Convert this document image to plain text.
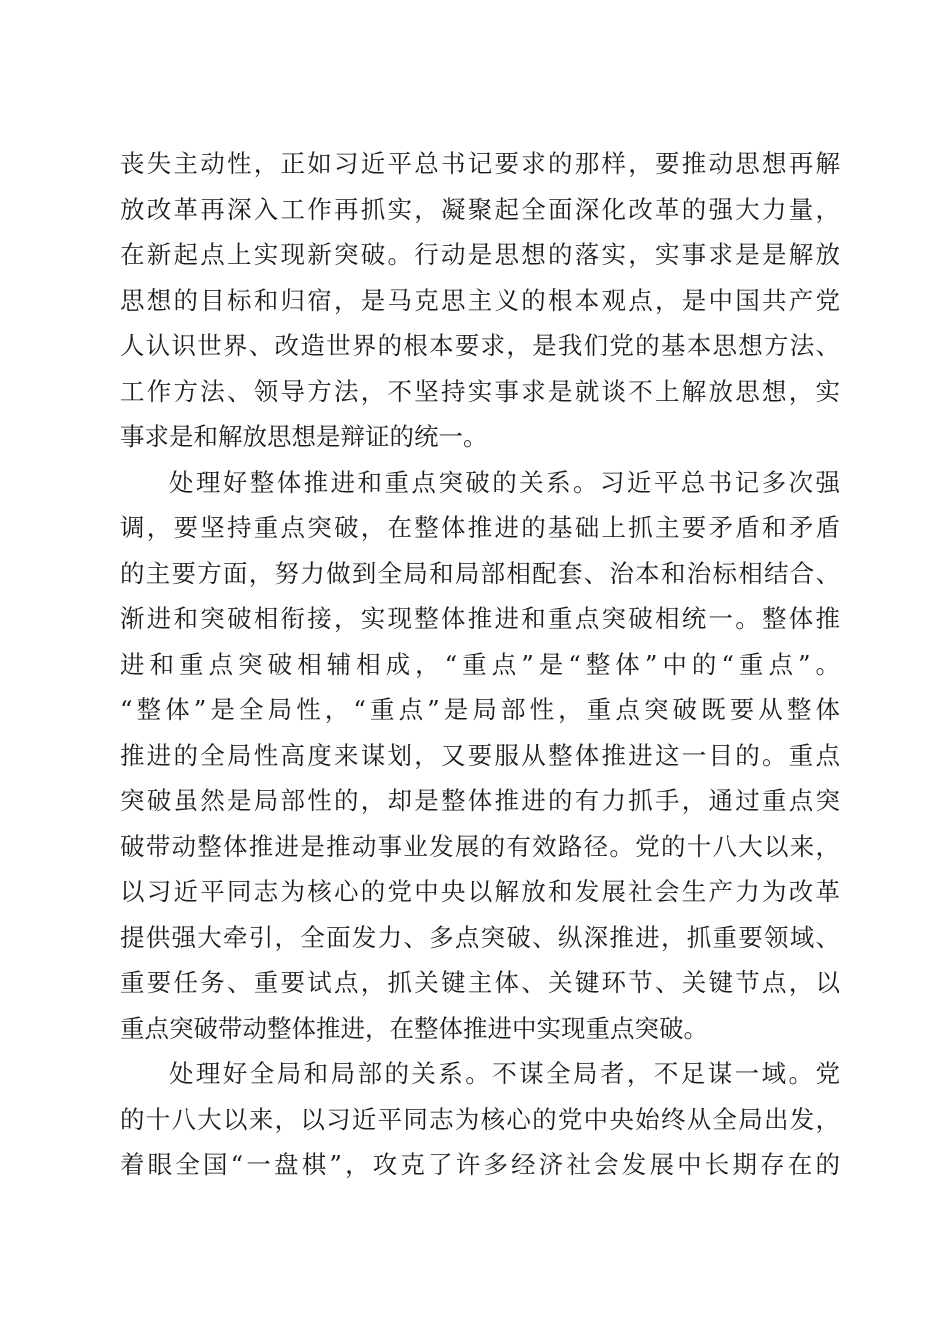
丧失主动性，正如习近平总书记要求的那样，要推动思想再解
放改革再深入工作再抓实，凝聚起全面深化改革的强大力量，
在新起点上实现新突破。行动是思想的落实，实事求是是解放
思想的目标和归宿，是马克思主义的根本观点，是中国共产党
人认识世界、改造世界的根本要求，是我们党的基本思想方法、
工作方法、领导方法，不坚持实事求是就谈不上解放思想，实
事求是和解放思想是辩证的统一。
处理好整体推进和重点突破的关系。习近平总书记多次强
调，要坚持重点突破，在整体推进的基础上抓主要矛盾和矛盾
的主要方面，努力做到全局和局部相配套、治本和治标相结合、
渐进和突破相衔接，实现整体推进和重点突破相统一。整体推
进和重点突破相辅相成，“重点”是“整体”中的“重点”。
“整体”是全局性，“重点”是局部性，重点突破既要从整体
推进的全局性高度来谋划，又要服从整体推进这一目的。重点
突破虽然是局部性的，却是整体推进的有力抓手，通过重点突
破带动整体推进是推动事业发展的有效路径。党的十八大以来，
以习近平同志为核心的党中央以解放和发展社会生产力为改革
提供强大牵引，全面发力、多点突破、纵深推进，抓重要领域、
重要任务、重要试点，抓关键主体、关键环节、关键节点，以
重点突破带动整体推进，在整体推进中实现重点突破。
处理好全局和局部的关系。不谋全局者，不足谋一域。党
的十八大以来，以习近平同志为核心的党中央始终从全局出发，
着眼全国“一盘棋”，攻克了许多经济社会发展中长期存在的
